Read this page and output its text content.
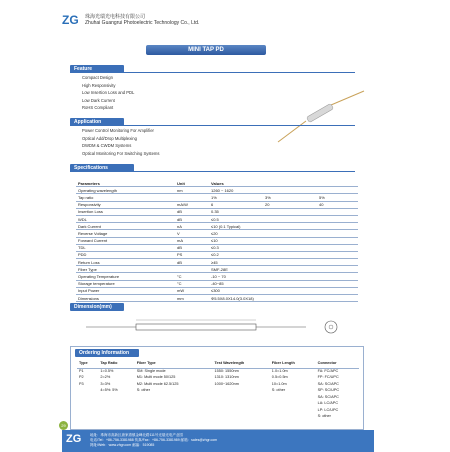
ZG 珠海光瑞光电科技有限公司
Zhuhai Guangrui Photoelectric Technology Co., Ltd.
MINI TAP PD
Feature
Compact Design
High Responsivity
Low Insertion Loss and PDL
Low Dark Current
RoHS Compliant
Application
Power Control Monitoring For Amplifier
Optical Add/Drop Multiplexing
DWDM & CWDM Systems
Optical Monitoring For Switching Systems
Specifications
Parameters	Unit	Values		
Operating wavelength	nm	1260 ~ 1620		
Tap ratio		1%	3%	5%
Responsivity	mA/W	6	20	40
Insertion Loss	dB	0.35		
WDL	dB	≤0.5		
Dark Current	nA	≤10 (0.1 Typical)		
Reverse Voltage	V	≤20		
Forward Current	mA	≤10		
TDL	dB	≤0.3		
PDD	PS	≤0.2		
Return Loss	dB	≥45		
Fiber Type		SMF-28E		
Operating Temperature	°C	-10 ~ 70		
Storage temperature	°C	-40~85		
Input Power	mW	≤300		
Dimensions	mm	Φ5.5X8.0X14.0(3.0X18)		
Dimension(mm)
Ordering Information
Type	Tap Ratio	Fiber Type	Test Wavelength	Fiber Length	Connector
P1	1=0.5%	SM: Single mode	1550: 1550nm	1.0=1.0m	FA: FC/APC
P2	2=2%	M1: Multi mode 50/125	1310: 1310nm	0.5=0.5m	FP: FC/UPC
P3	3=3%	M2: Multi mode 62.5/125	1000~1620nm	10=1.0m	SA: SC/APC
	4=5%: 5%	S: other		S: other	SP: SC/UPC
					SA: SC/APC
					LA: LC/APC
					LP: LC/UPC
					S: other
29
ZG 地址：珠海市高新区唐家湾镇金峰北路111号光瑞光电产业园
电话/Tel：+86-756-3381988 传真/Fax：+86-756-3381989 邮箱：sales@zhgr.com
网址/Web：www.zhgr.com 邮编：519085
